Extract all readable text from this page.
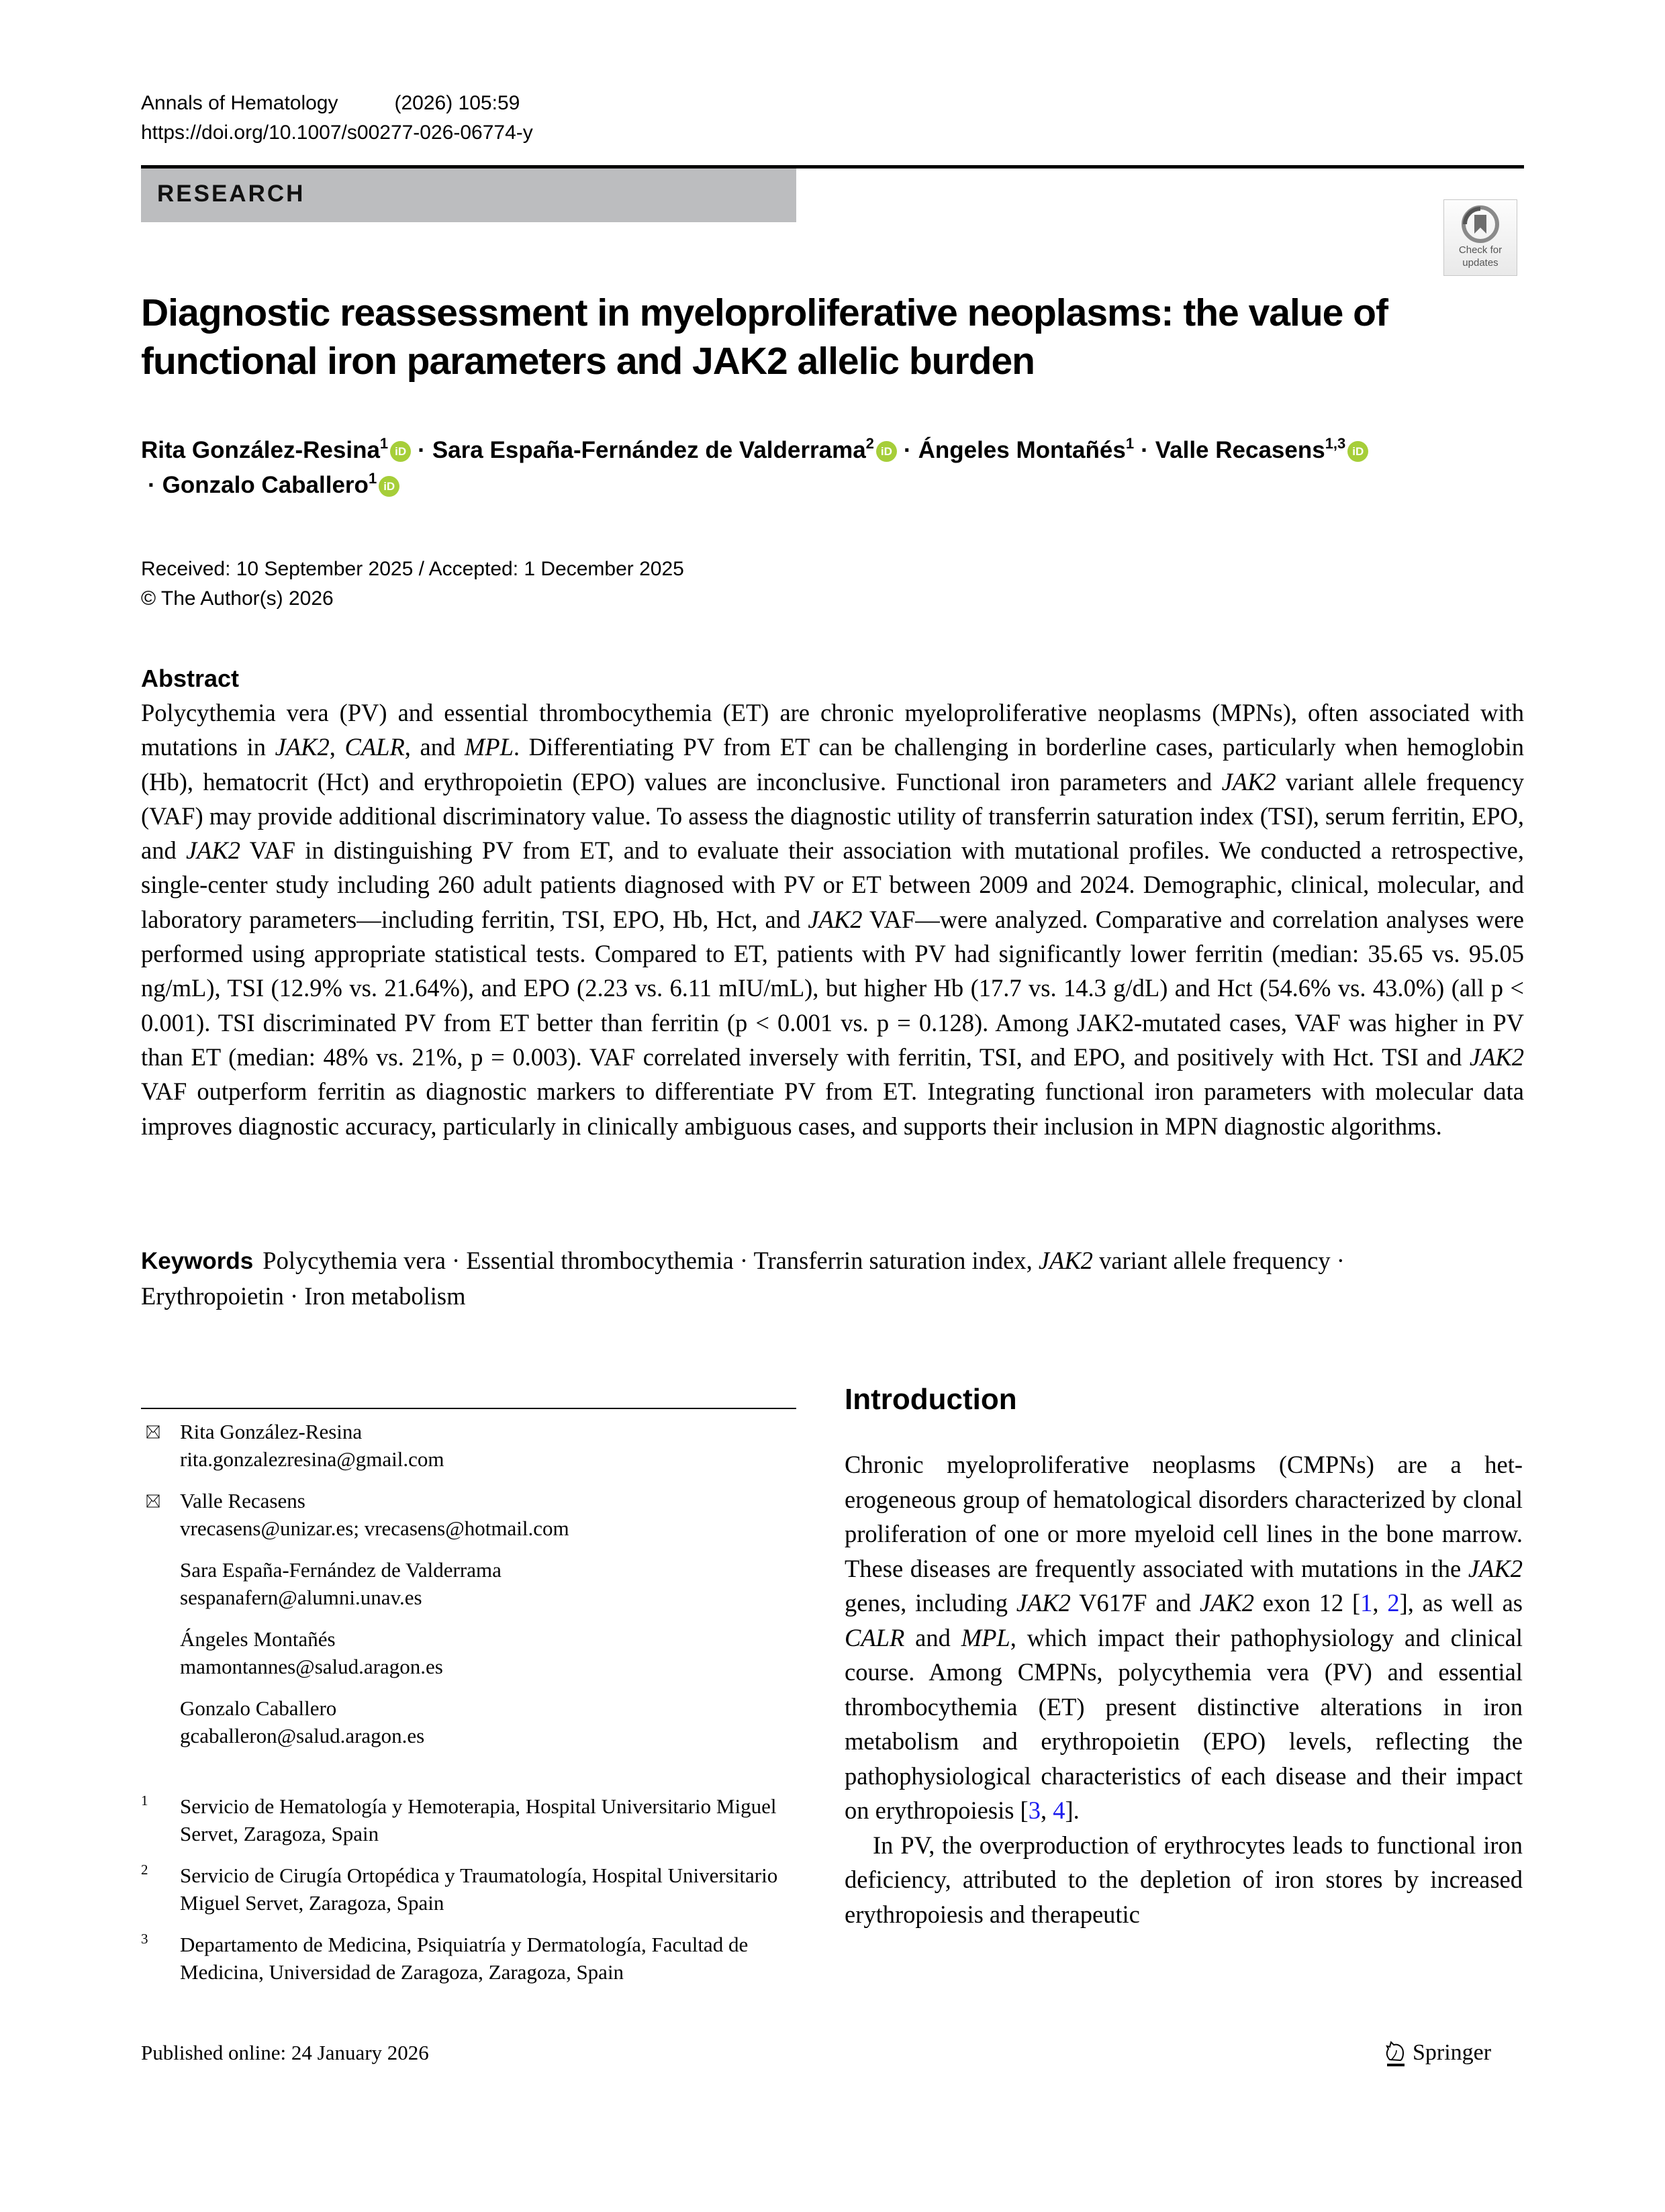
Annals of Hematology	(2026) 105:59
https://doi.org/10.1007/s00277-026-06774-y
RESEARCH
Check for
updates
Diagnostic reassessment in myeloproliferative neoplasms: the value of functional iron parameters and JAK2 allelic burden
Rita González-Resina$^1$ iD · Sara España-Fernández de Valderrama$^2$ iD · Ángeles Montañés$^1$ · Valle Recasens$^{1,3}$ iD
· Gonzalo Caballero$^1$ iD
Received: 10 September 2025 / Accepted: 1 December 2025
© The Author(s) 2026
Abstract
Polycythemia vera (PV) and essential thrombocythemia (ET) are chronic myeloproliferative neoplasms (MPNs), often associated with mutations in JAK2, CALR, and MPL. Differentiating PV from ET can be challenging in borderline cases, particularly when hemoglobin (Hb), hematocrit (Hct) and erythropoietin (EPO) values are inconclusive. Functional iron parameters and JAK2 variant allele frequency (VAF) may provide additional discriminatory value. To assess the diagnostic utility of transferrin saturation index (TSI), serum ferritin, EPO, and JAK2 VAF in distinguishing PV from ET, and to evaluate their association with mutational profiles. We conducted a retrospective, single-center study including 260 adult patients diagnosed with PV or ET between 2009 and 2024. Demographic, clinical, molecular, and laboratory parameters—including ferritin, TSI, EPO, Hb, Hct, and JAK2 VAF—were analyzed. Comparative and correlation analyses were performed using appropriate statistical tests. Compared to ET, patients with PV had significantly lower ferritin (median: 35.65 vs. 95.05 ng/mL), TSI (12.9% vs. 21.64%), and EPO (2.23 vs. 6.11 mIU/mL), but higher Hb (17.7 vs. 14.3 g/dL) and Hct (54.6% vs. 43.0%) (all p < 0.001). TSI discriminated PV from ET better than ferritin (p < 0.001 vs. p = 0.128). Among JAK2-mutated cases, VAF was higher in PV than ET (median: 48% vs. 21%, p = 0.003). VAF correlated inversely with ferritin, TSI, and EPO, and positively with Hct. TSI and JAK2 VAF outperform ferritin as diagnostic markers to differentiate PV from ET. Integrating functional iron parameters with molecular data improves diagnostic accuracy, particularly in clinically ambiguous cases, and supports their inclusion in MPN diagnostic algorithms.
Keywords Polycythemia vera · Essential thrombocythemia · Transferrin saturation index, JAK2 variant allele frequency · Erythropoietin · Iron metabolism
Rita González-Resina
rita.gonzalezresina@gmail.com
Valle Recasens
vrecasens@unizar.es; vrecasens@hotmail.com
Sara España-Fernández de Valderrama
sespanafern@alumni.unav.es
Ángeles Montañés
mamontannes@salud.aragon.es
Gonzalo Caballero
gcaballeron@salud.aragon.es
1 Servicio de Hematología y Hemoterapia, Hospital Universitario Miguel Servet, Zaragoza, Spain
2 Servicio de Cirugía Ortopédica y Traumatología, Hospital Universitario Miguel Servet, Zaragoza, Spain
3 Departamento de Medicina, Psiquiatría y Dermatología, Facultad de Medicina, Universidad de Zaragoza, Zaragoza, Spain
Introduction

Chronic myeloproliferative neoplasms (CMPNs) are a heterogeneous group of hematological disorders characterized by clonal proliferation of one or more myeloid cell lines in the bone marrow. These diseases are frequently associated with mutations in the JAK2 genes, including JAK2 V617F and JAK2 exon 12 [1, 2], as well as CALR and MPL, which impact their pathophysiology and clinical course. Among CMPNs, polycythemia vera (PV) and essential thrombocythemia (ET) present distinctive alterations in iron metabolism and erythropoietin (EPO) levels, reflecting the pathophysiological characteristics of each disease and their impact on erythropoiesis [3, 4].

In PV, the overproduction of erythrocytes leads to functional iron deficiency, attributed to the depletion of iron stores by increased erythropoiesis and therapeutic

Published online: 24 January 2026	Springer
